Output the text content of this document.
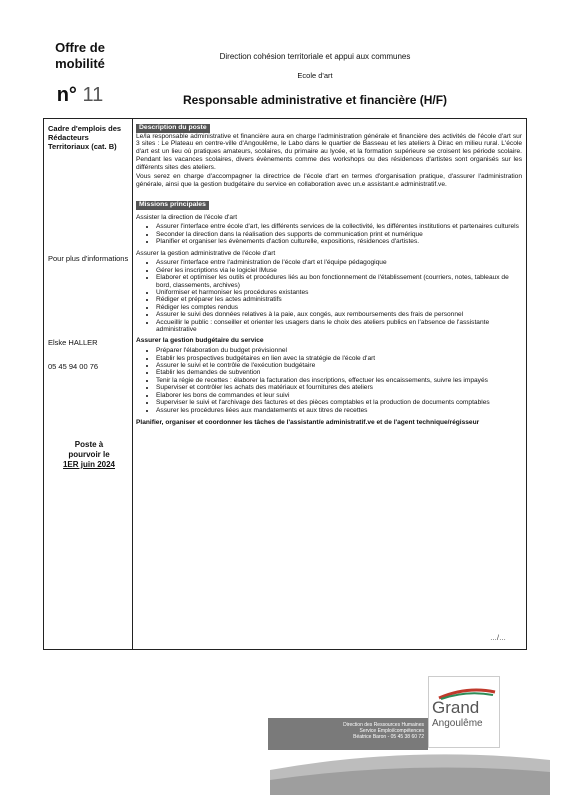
Offre de
mobilité
n° 11
Direction cohésion territoriale et appui aux communes
Ecole d'art
Responsable administrative et financière (H/F)
Cadre d'emplois des Rédacteurs Territoriaux (cat. B)
Pour plus d'informations
Elske HALLER
05 45 94 00 76
Poste à
pourvoir le
1ER juin 2024
Description du poste

Le/la responsable administrative et financière aura en charge l'administration générale et financière des activités de l'école d'art sur 3 sites : Le Plateau en centre-ville d'Angoulême, le Labo dans le quartier de Basseau et les ateliers à Dirac en milieu rural. L'école d'art est un lieu où pratiques amateurs, scolaires, du primaire au lycée, et la formation supérieure se croisent les période scolaire. Pendant les vacances scolaires, divers évènements comme des workshops ou des résidences d'artistes sont organisés sur les différents sites des ateliers.

Vous serez en charge d'accompagner la directrice de l'école d'art en termes d'organisation pratique, d'assurer l'administration générale, ainsi que la gestion budgétaire du service en collaboration avec un.e assistant.e administratif.ve.

Missions principales
Assister la direction de l'école d'art
• Assurer l'interface entre école d'art, les différents services de la collectivité, les différentes institutions et partenaires culturels
• Seconder la direction dans la réalisation des supports de communication print et numérique
• Planifier et organiser les évènements d'action culturelle, expositions, résidences d'artistes.
Assurer la gestion administrative de l'école d'art
• Assurer l'interface entre l'administration de l'école d'art et l'équipe pédagogique
• Gérer les inscriptions via le logiciel IMuse
• Elaborer et optimiser les outils et procédures liés au bon fonctionnement de l'établissement (courriers, notes, tableaux de bord, classements, archives)
• Uniformiser et harmoniser les procédures existantes
• Rédiger et préparer les actes administratifs
• Rédiger les comptes rendus
• Assurer le suivi des données relatives à la paie, aux congés, aux remboursements des frais de personnel
• Accueillir le public : conseiller et orienter les usagers dans le choix des ateliers publics en l'absence de l'assistante administrative
Assurer la gestion budgétaire du service
• Préparer l'élaboration du budget prévisionnel
• Etablir les prospectives budgétaires en lien avec la stratégie de l'école d'art
• Assurer le suivi et le contrôle de l'exécution budgétaire
• Etablir les demandes de subvention
• Tenir la régie de recettes : élaborer la facturation des inscriptions, effectuer les encaissements, suivre les impayés
• Superviser et contrôler les achats des matériaux et fournitures des ateliers
• Elaborer les bons de commandes et leur suivi
• Superviser le suivi et l'archivage des factures et des pièces comptables et la production de documents comptables
• Assurer les procédures liées aux mandatements et aux titres de recettes

Planifier, organiser et coordonner les tâches de l'assistant/e administratif.ve et de l'agent technique/régisseur

…/…
Direction des Ressources Humaines
Service Emploi/compétences
Béatrice Baron - 05 45 38 60 72
Grand
Angoulême
